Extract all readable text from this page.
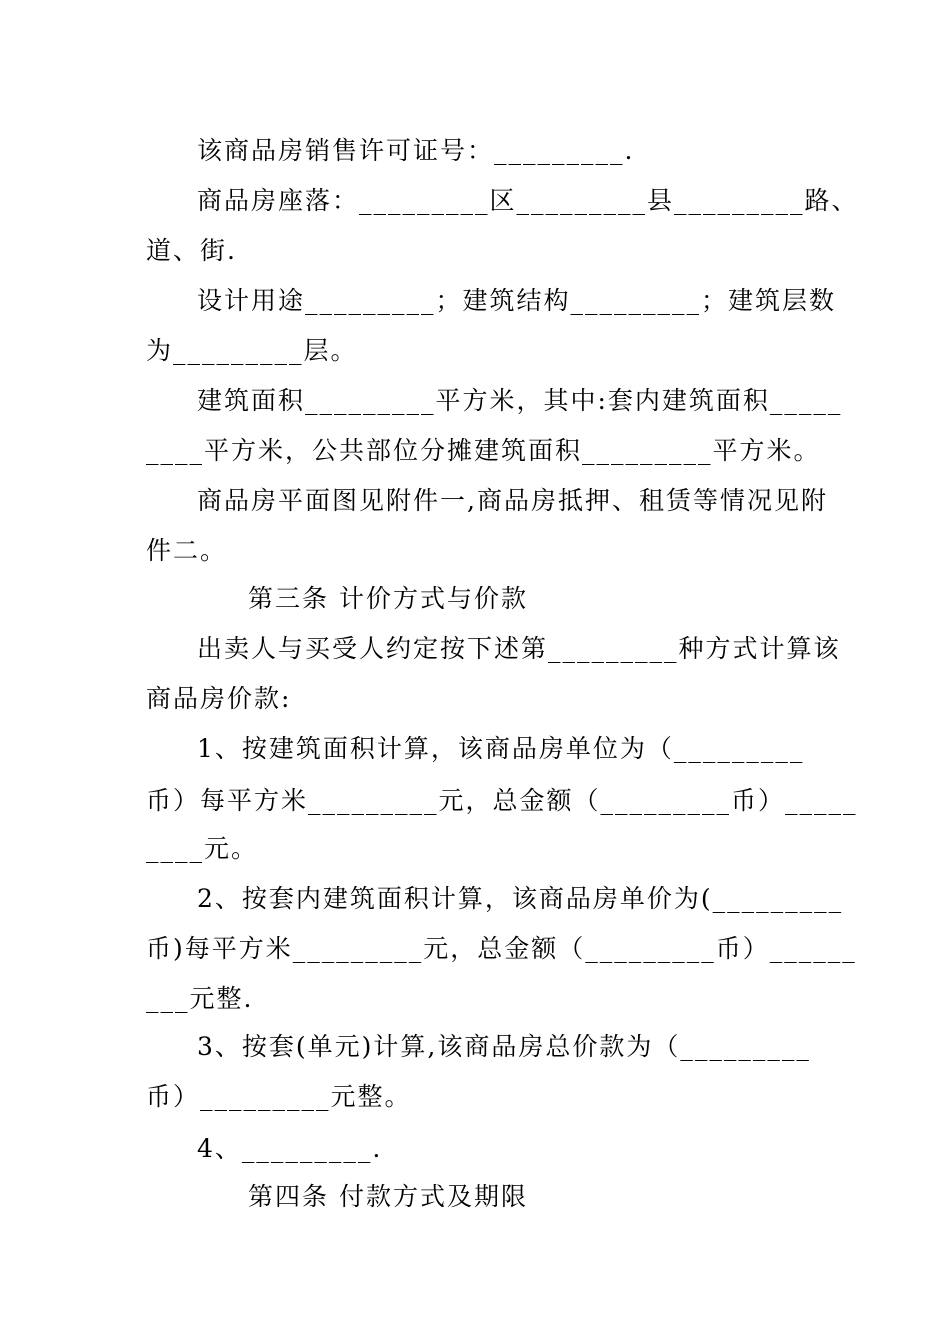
该商品房销售许可证号：_________.
商品房座落：_________区_________县_________路、
道、街.
设计用途_________；建筑结构_________；建筑层数
为_________层。
建筑面积_________平方米，其中:套内建筑面积_____
____平方米，公共部位分摊建筑面积_________平方米。
商品房平面图见附件一,商品房抵押、租赁等情况见附
件二。
第三条 计价方式与价款
出卖人与买受人约定按下述第_________种方式计算该
商品房价款:
1、按建筑面积计算，该商品房单位为（_________
币）每平方米_________元，总金额（_________币）_____
____元。
2、按套内建筑面积计算，该商品房单价为(_________
币)每平方米_________元，总金额（_________币）______
___元整.
3、按套(单元)计算,该商品房总价款为（_________
币）_________元整。
4、_________.
第四条 付款方式及期限
